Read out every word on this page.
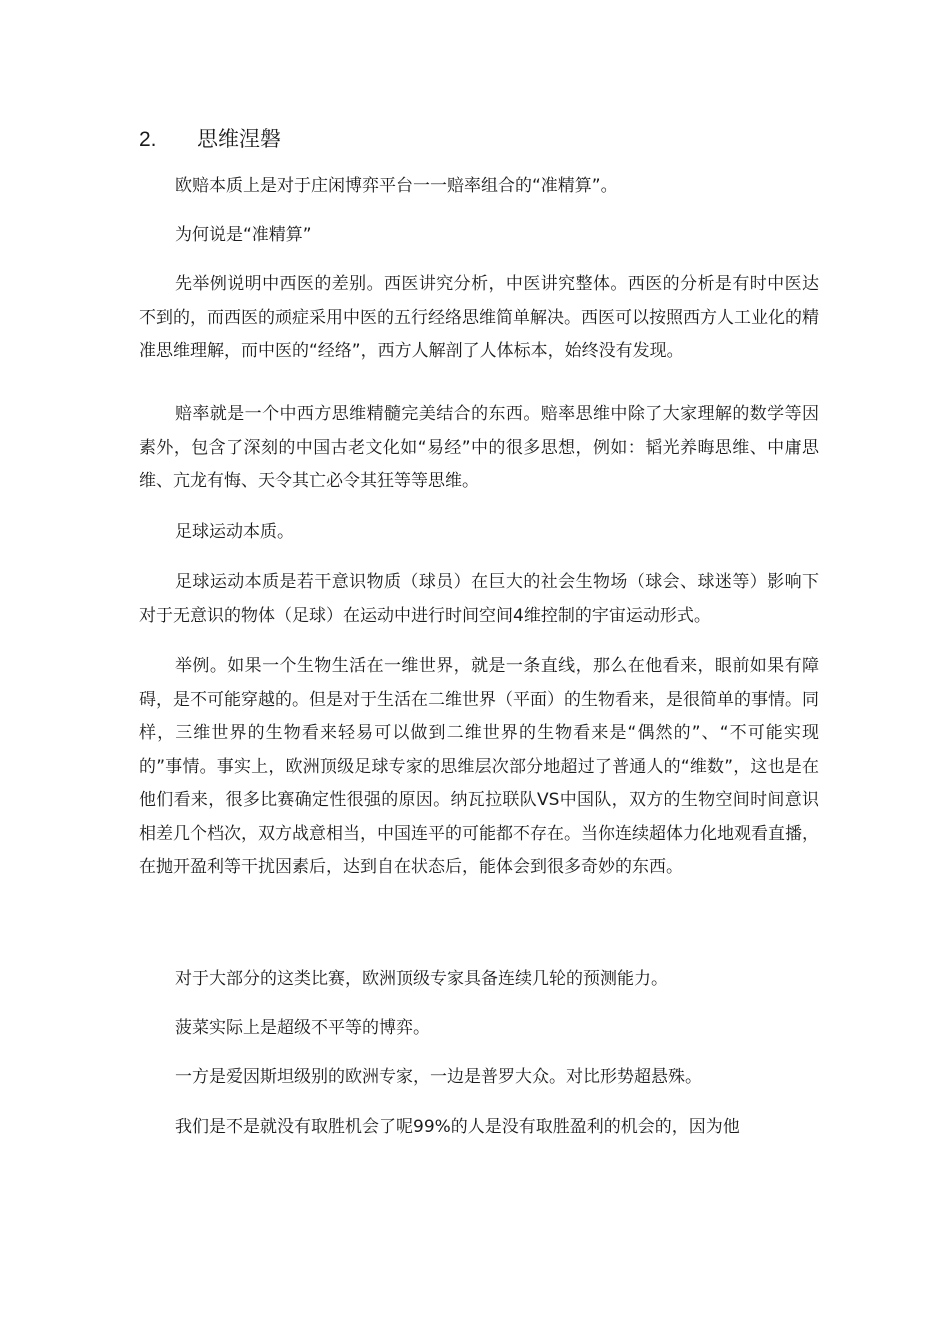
2. 思维涅磐

欧赔本质上是对于庄闲博弈平台一一赔率组合的“准精算”。

为何说是“准精算”

先举例说明中西医的差别。西医讲究分析，中医讲究整体。西医的分析是有时中医达不到的，而西医的顽症采用中医的五行经络思维简单解决。西医可以按照西方人工业化的精准思维理解，而中医的“经络”，西方人解剖了人体标本，始终没有发现。

赔率就是一个中西方思维精髓完美结合的东西。赔率思维中除了大家理解的数学等因素外，包含了深刻的中国古老文化如“易经”中的很多思想，例如：韬光养晦思维、中庸思维、亢龙有悔、天令其亡必令其狂等等思维。

足球运动本质。

足球运动本质是若干意识物质（球员）在巨大的社会生物场（球会、球迷等）影响下对于无意识的物体（足球）在运动中进行时间空间4维控制的宇宙运动形式。

举例。如果一个生物生活在一维世界，就是一条直线，那么在他看来，眼前如果有障碍，是不可能穿越的。但是对于生活在二维世界（平面）的生物看来，是很简单的事情。同样，三维世界的生物看来轻易可以做到二维世界的生物看来是“偶然的”、“不可能实现的”事情。事实上，欧洲顶级足球专家的思维层次部分地超过了普通人的“维数”，这也是在他们看来，很多比赛确定性很强的原因。纳瓦拉联队VS中国队，双方的生物空间时间意识相差几个档次，双方战意相当，中国连平的可能都不存在。当你连续超体力化地观看直播，在抛开盈利等干扰因素后，达到自在状态后，能体会到很多奇妙的东西。

对于大部分的这类比赛，欧洲顶级专家具备连续几轮的预测能力。

菠菜实际上是超级不平等的博弈。

一方是爱因斯坦级别的欧洲专家，一边是普罗大众。对比形势超悬殊。

我们是不是就没有取胜机会了呢99%的人是没有取胜盈利的机会的，因为他
